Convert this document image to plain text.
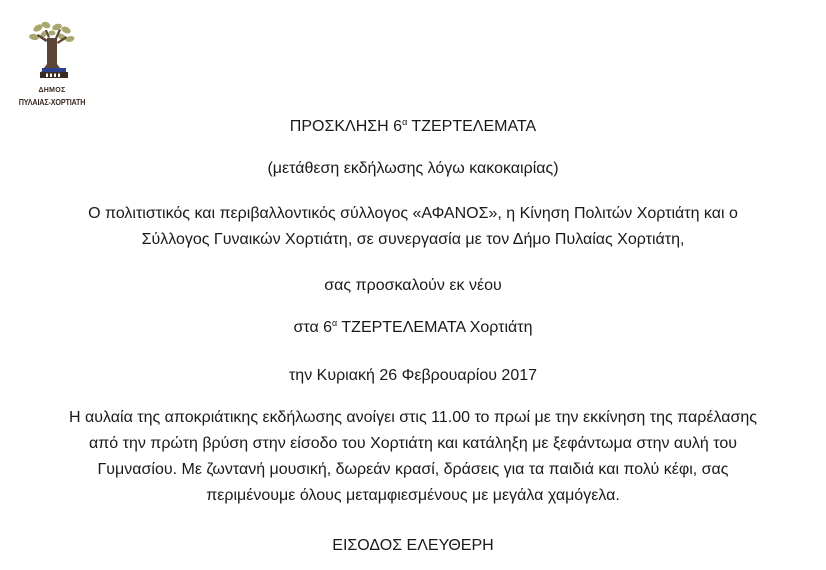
ΔΗΜΟΣ
ΠΥΛΑΙΑΣ-ΧΟΡΤΙΑΤΗ
ΠΡΟΣΚΛΗΣΗ $6^\alpha$ ΤΖΕΡΤΕΛΕΜΑΤΑ
(μετάθεση εκδήλωσης λόγω κακοκαιρίας)
Ο πολιτιστικός και περιβαλλοντικός σύλλογος «ΑΦΑΝΟΣ», η Κίνηση Πολιτών Χορτιάτη και ο
Σύλλογος Γυναικών Χορτιάτη, σε συνεργασία με τον Δήμο Πυλαίας Χορτιάτη,
σας προσκαλούν εκ νέου
στα $6^\alpha$ ΤΖΕΡΤΕΛΕΜΑΤΑ Χορτιάτη
την Κυριακή 26 Φεβρουαρίου 2017
Η αυλαία της αποκριάτικης εκδήλωσης ανοίγει στις 11.00 το πρωί με την εκκίνηση της παρέλασης
από την πρώτη βρύση στην είσοδο του Χορτιάτη και κατάληξη με ξεφάντωμα στην αυλή του
Γυμνασίου. Με ζωντανή μουσική, δωρεάν κρασί, δράσεις για τα παιδιά και πολύ κέφι, σας
περιμένουμε όλους μεταμφιεσμένους με μεγάλα χαμόγελα.
ΕΙΣΟΔΟΣ ΕΛΕΥΘΕΡΗ
